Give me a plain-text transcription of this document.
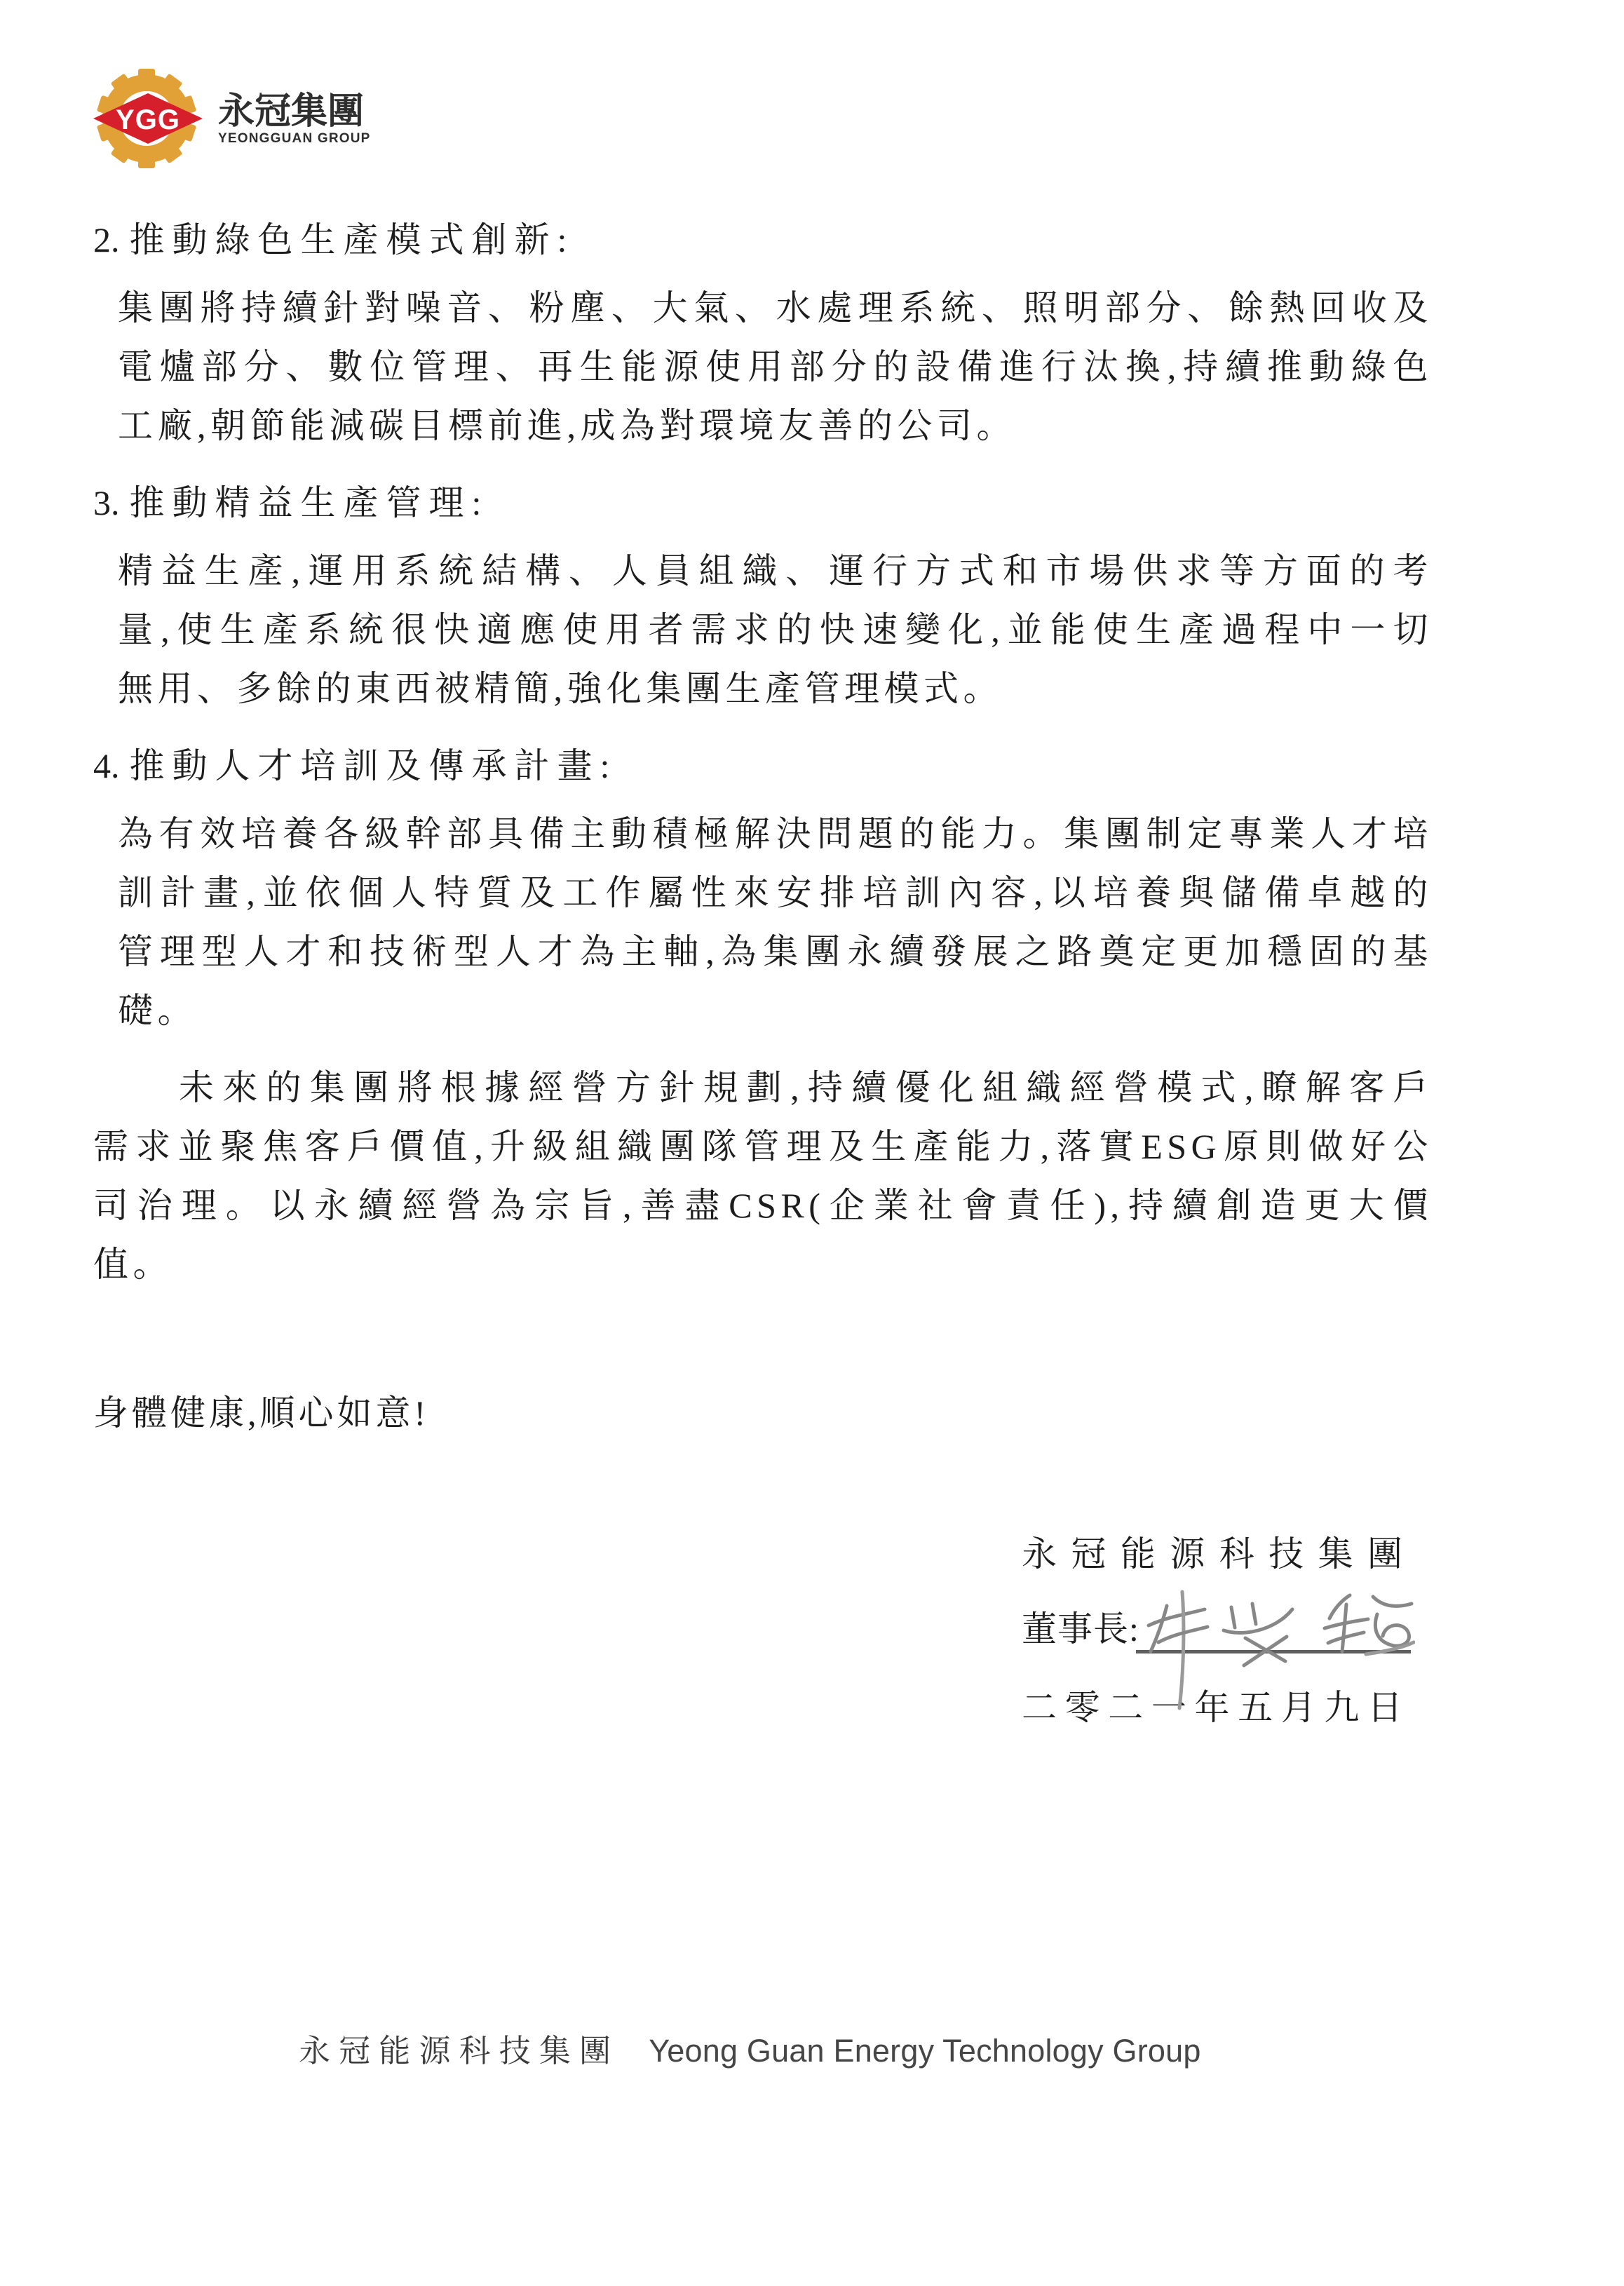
YGG 永冠集團
YEONGGUAN GROUP
2. 推動綠色生產模式創新:
集團將持續針對噪音、粉塵、大氣、水處理系統、照明部分、餘熱回收及
電爐部分、數位管理、再生能源使用部分的設備進行汰換,持續推動綠色
工廠,朝節能減碳目標前進,成為對環境友善的公司。
3. 推動精益生產管理:
精益生產,運用系統結構、人員組織、運行方式和市場供求等方面的考
量,使生產系統很快適應使用者需求的快速變化,並能使生產過程中一切
無用、多餘的東西被精簡,強化集團生產管理模式。
4. 推動人才培訓及傳承計畫:
為有效培養各級幹部具備主動積極解決問題的能力。集團制定專業人才培
訓計畫,並依個人特質及工作屬性來安排培訓內容,以培養與儲備卓越的
管理型人才和技術型人才為主軸,為集團永續發展之路奠定更加穩固的基
礎。
未來的集團將根據經營方針規劃,持續優化組織經營模式,瞭解客戶
需求並聚焦客戶價值,升級組織團隊管理及生產能力,落實ESG原則做好公
司治理。以永續經營為宗旨,善盡CSR(企業社會責任),持續創造更大價
值。
身體健康,順心如意!
永冠能源科技集團
董事長:
二零二一年五月九日
永冠能源科技集團 Yeong Guan Energy Technology Group
